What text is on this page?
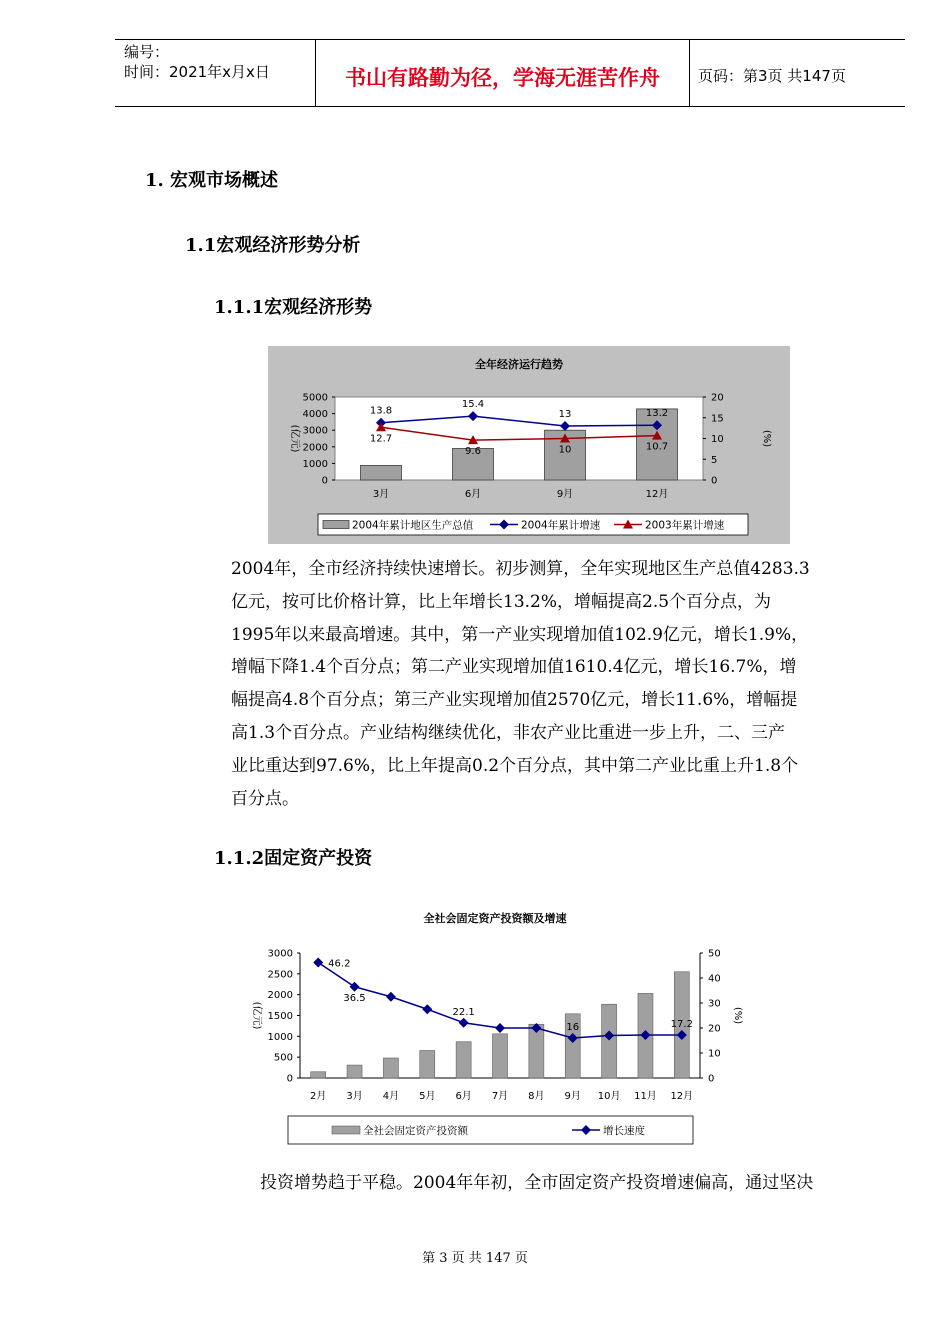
编号：
时间：2021年x月x日	书山有路勤为径，学海无涯苦作舟	页码：第3页 共147页
1. 宏观市场概述
1.1宏观经济形势分析
1.1.1宏观经济形势
全年经济运行趋势
0
1000
2000
3000
4000
5000
0
5
10
15
20
(亿元)	(%)
3月	6月	9月	12月
13.8
15.4
13	13.2
12.7
9.6	10	10.7
2004年累计地区生产总值	2004年累计增速	2003年累计增速
2004年，全市经济持续快速增长。初步测算，全年实现地区生产总值4283.3
亿元，按可比价格计算，比上年增长13.2%，增幅提高2.5个百分点，为
1995年以来最高增速。其中，第一产业实现增加值102.9亿元，增长1.9%，
增幅下降1.4个百分点；第二产业实现增加值1610.4亿元，增长16.7%，增
幅提高4.8个百分点；第三产业实现增加值2570亿元，增长11.6%，增幅提
高1.3个百分点。产业结构继续优化，非农产业比重进一步上升，二、三产
业比重达到97.6%，比上年提高0.2个百分点，其中第二产业比重上升1.8个
百分点。
1.1.2固定资产投资
全社会固定资产投资额及增速
0
500
1000
1500
2000
2500
3000
0
10
20
30
40
50
(亿元)	(%)
2月 3月 4月 5月 6月 7月 8月 9月 10月 11月 12月
46.2
36.5
22.1
16	17.2
全社会固定资产投资额	增长速度
投资增势趋于平稳。2004年年初，全市固定资产投资增速偏高，通过坚决
第 3 页 共 147 页
